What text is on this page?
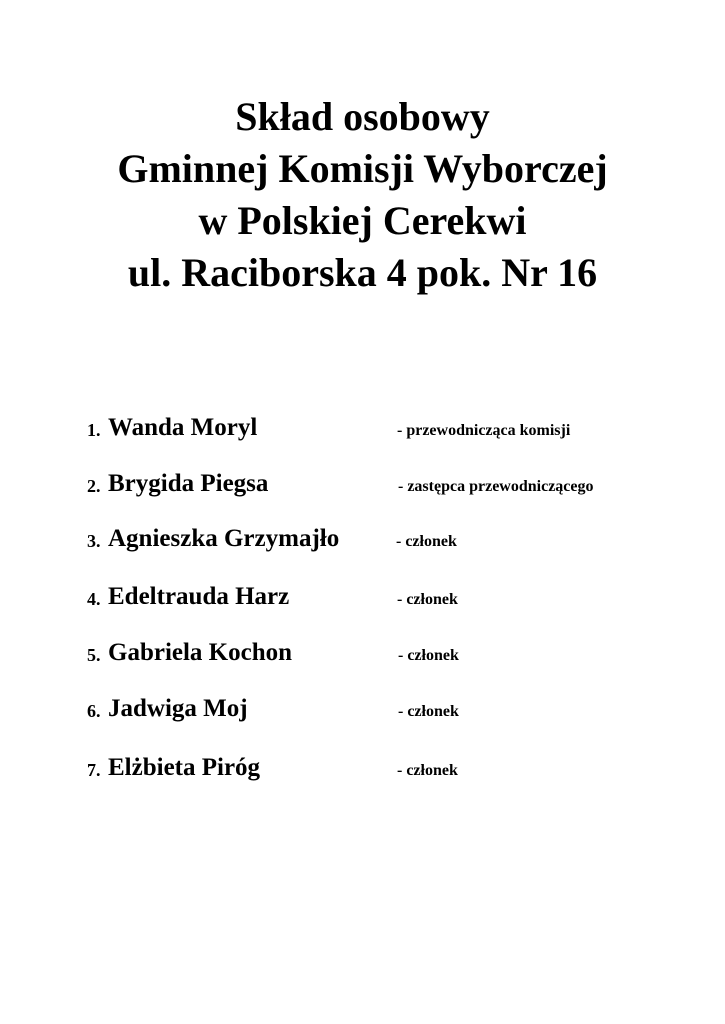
Skład osobowy
Gminnej Komisji Wyborczej
w Polskiej Cerekwi
ul. Raciborska 4 pok. Nr 16
1. Wanda Moryl	- przewodnicząca komisji
2. Brygida Piegsa	- zastępca przewodniczącego
3. Agnieszka Grzymajło	- członek
4. Edeltrauda Harz	- członek
5. Gabriela Kochon	- członek
6. Jadwiga Moj	- członek
7. Elżbieta Piróg	- członek
